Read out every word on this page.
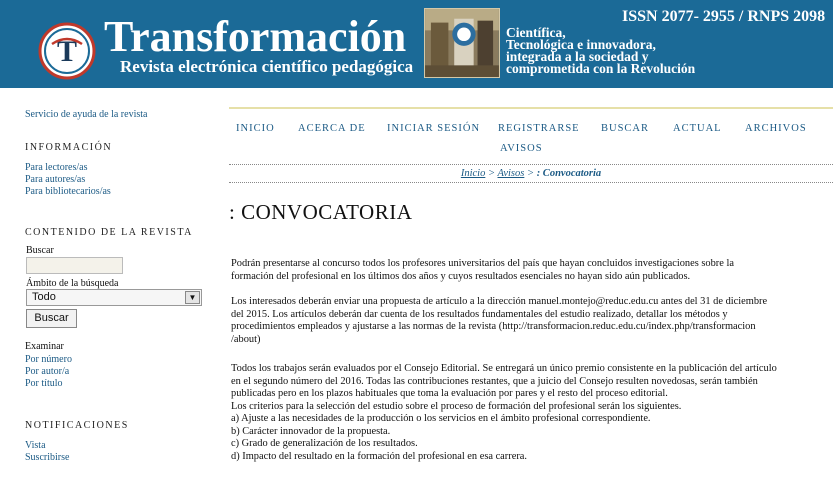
T Transformación
Revista electrónica científico pedagógica
ISSN 2077- 2955 / RNPS 2098
Científica,
Tecnológica e innovadora,
integrada a la sociedad y
comprometida con la Revolución
Servicio de ayuda de la revista
INFORMACIÓN
Para lectores/as
Para autores/as
Para bibliotecarios/as
CONTENIDO DE LA REVISTA
Buscar
Ámbito de la búsqueda
Todo	▼
Buscar
Examinar
Por número
Por autor/a
Por título
NOTIFICACIONES
Vista
Suscribirse
INICIO ACERCA DE INICIAR SESIÓN REGISTRARSE BUSCAR ACTUAL ARCHIVOS
AVISOS
Inicio > Avisos > : Convocatoria
: CONVOCATORIA
Podrán presentarse al concurso todos los profesores universitarios del país que hayan concluidos investigaciones sobre la
formación del profesional en los últimos dos años y cuyos resultados esenciales no hayan sido aún publicados.
Los interesados deberán enviar una propuesta de artículo a la dirección manuel.montejo@reduc.edu.cu antes del 31 de diciembre
del 2015. Los artículos deberán dar cuenta de los resultados fundamentales del estudio realizado, detallar los métodos y
procedimientos empleados y ajustarse a las normas de la revista (http://transformacion.reduc.edu.cu/index.php/transformacion
/about)
Todos los trabajos serán evaluados por el Consejo Editorial. Se entregará un único premio consistente en la publicación del artículo
en el segundo número del 2016. Todas las contribuciones restantes, que a juicio del Consejo resulten novedosas, serán también
publicadas pero en los plazos habituales que toma la evaluación por pares y el resto del proceso editorial.
Los criterios para la selección del estudio sobre el proceso de formación del profesional serán los siguientes.
a) Ajuste a las necesidades de la producción o los servicios en el ámbito profesional correspondiente.
b) Carácter innovador de la propuesta.
c) Grado de generalización de los resultados.
d) Impacto del resultado en la formación del profesional en esa carrera.
